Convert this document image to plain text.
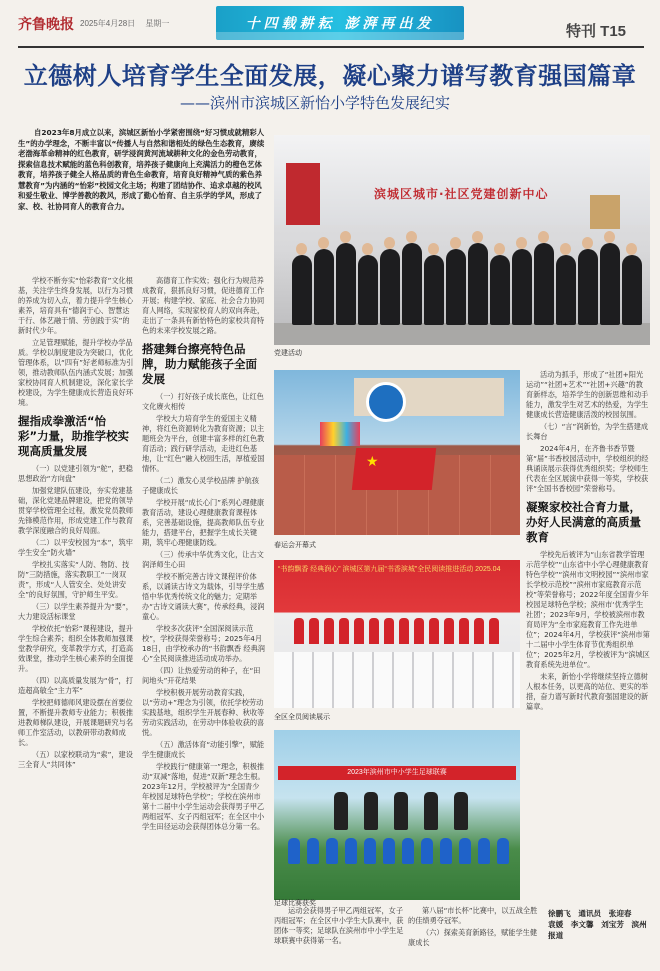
齐鲁晚报 2025年4月28日 星期一	十四载耕耘 澎湃再出发	特刊 T15
立德树人培育学生全面发展，凝心聚力谱写教育强国篇章
——滨州市滨城区新怡小学特色发展纪实
自2023年8月成立以来，滨城区新怡小学紧密围绕“好习惯成就精彩人生”的办学理念，不断丰富以“传播人与自然和谐相处的绿色生态教育，赓续老渤海革命精神的红色教育，研学浸润黄河流域耕种文化的金色劳动教育，探索信息技术赋能的蓝色科创教育，培养孩子健康向上充满活力的橙色艺体教育，培养孩子健全人格品质的青色生命教育，培育良好精神气质的紫色养慧教育”为内涵的“怡彩”校园文化主场；构建了团结协作、追求卓越的校风和爱生敬业、博学善教的教风，形成了勤心怡育、自主乐学的学风，形成了家、校、社协同育人的教育合力。

学校不断夯实“怡彩教育”文化根基，关注学生终身发展，以行为习惯的养成为切入点，着力提升学生核心素养，培育具有“德润于心、智慧达于行、体艺融于情、劳创践于实”的新时代少年。

立足管理赋能，提升学校办学品质。学校以制度建设为突破口，优化管理体系，以“四有”好老师标准为引领，推动教师队伍内涵式发展；加强家校协同育人机制建设，深化家长学校建设，为学生健康成长营造良好环境。

握指成拳激活“怡彩”力量，助推学校实现高质量发展

（一）以党建引领为“舵”，把稳思想政治“方向盘”

加强党建队伍建设，夯实党建基础，深化党建品牌建设，把党的领导贯穿学校管理全过程，激发党员教师先锋模范作用，形成党建工作与教育教学深度融合的良好局面。

（二）以平安校园为“本”，筑牢学生安全“防火墙”

学校扎实落实“人防、物防、技防”三防措施，落实教职工“一岗双责”，形成“人人管安全、处处讲安全”的良好氛围，守护师生平安。

（三）以学生素养提升为“要”，大力建设活标课堂

学校依托“怡彩”课程建设，提升学生综合素养；组织全体教师加强课堂教学研究，变革教学方式，打造高效课堂，推动学生核心素养的全面提升。

（四）以高质量发展为“骨”，打造超高敏全“主力军”

学校把师德师风建设摆在首要位置，不断提升教师专业能力；积极推进教师梯队建设，开展课题研究与名师工作室活动，以教研带动教师成长。

（五）以家校联动为“索”，建设三全育人“共同体”

高德育工作实效；强化行为规范养成教育，狠抓良好习惯，促进德育工作开展；构建学校、家庭、社会合力协同育人网络，实现家校育人的双向奔赴，走出了一条具有新怡特色的家校共育特色的未来学校发展之路。

搭建舞台擦亮特色品牌，助力赋能孩子全面发展

（一）打好孩子成长底色，让红色文化赓火相传

学校大力培育学生的爱国主义精神，将红色资源转化为教育资源；以主题班会为平台，创建丰富多样的红色教育活动；践行研学活动，走进红色基地，让“红色”融入校园生活，厚植爱国情怀。

（二）激发心灵学校品牌 护航孩子健康成长

学校开展“成长心门”系列心理健康教育活动，建设心理健康教育课程体系，完善基础设施，提高教师队伍专业能力，搭建平台，把握学生成长关键期，筑牢心理健康防线。

（三）传承中华优秀文化，让古文润泽师生心田

学校不断完善古诗文课程评价体系，以诵读古诗文为载体，引导学生感悟中华优秀传统文化的魅力；定期举办“古诗文诵读大赛”，传承经典，浸润童心。

学校多次获评“全国深阅读示范校”，学校获得荣誉称号；2025年4月18日，由学校承办的“书韵飘香 经典润心”全民阅读推进活动成功举办。

（四）让热爱劳动的种子，在“田间地头”开花结果

学校积极开展劳动教育实践，以“劳动+”理念为引领，依托学校劳动实践基地，组织学生开展春种、秋收等劳动实践活动，在劳动中体验收获的喜悦。

（五）激活体育“动能引擎”，赋能学生健康成长

学校践行“健康第一”理念，积极推动“双减”落地，促进“双新”理念生根。2023年12月，学校被评为“全国青少年校园足球特色学校”；学校在滨州市第十二届中小学生运动会获得男子甲乙两组冠军、女子丙组冠军；在全区中小学生田径运动会获得团体总分第一名。

活动为抓手，形成了“社团+阳光运动”“社团+艺术”“社团+兴趣”的教育新样态，培养学生的创新思维和动手能力，激发学生对艺术的热爱，为学生健康成长营造健康活泼的校园氛围。

（七）“言”润新怡，为学生搭建成长舞台

2024年4月，在齐鲁书香节暨第“届”书香校园活动中，学校组织的经典诵读展示获得优秀组织奖；学校师生代表在全区展演中获得一等奖，学校获评“全国书香校园”荣誉称号。

凝聚家校社合育力量，办好人民满意的高质量教育

学校先后被评为“山东省教学管理示范学校”“山东省中小学心理健康教育特色学校”“滨州市文明校园”“滨州市家长学校示范校”“滨州市家庭教育示范校”等荣誉称号；2022年度全国青少年校园足球特色学校；滨州市‘优秀学生社团’；2023年9月，学校被滨州市教育局评为“全市家庭教育工作先进单位”；2024年4月，学校获评“滨州市第十二届中小学生体育节优秀组织单位”；2025年2月，学校被评为“滨城区教育系统先进单位”。

未来，新怡小学将继续坚持立德树人根本任务，以更高的站位、更实的举措，奋力谱写新时代教育强国建设的新篇章。

运动会获得男子甲乙两组冠军，女子丙组冠军；在全区中小学生大队赛中，获团体一等奖；足球队在滨州市中小学生足球联赛中获得第一名。

第八届“市长杯”比赛中，以五战全胜的佳绩勇夺冠军。

（六）探索美育新路径，赋能学生健康成长

滨城区城市·社区党建创新中心
党建活动
★
春运会开幕式
“书韵飘香 经典润心” 滨城区第九届“书香滨城”全民阅读推进活动 2025.04
全区全员阅读展示
2023年滨州市中小学生足球联赛
足球比赛获奖
徐鹏飞　通讯员　张迎春
袁媛　李文馨　刘宝芳　滨州报道
